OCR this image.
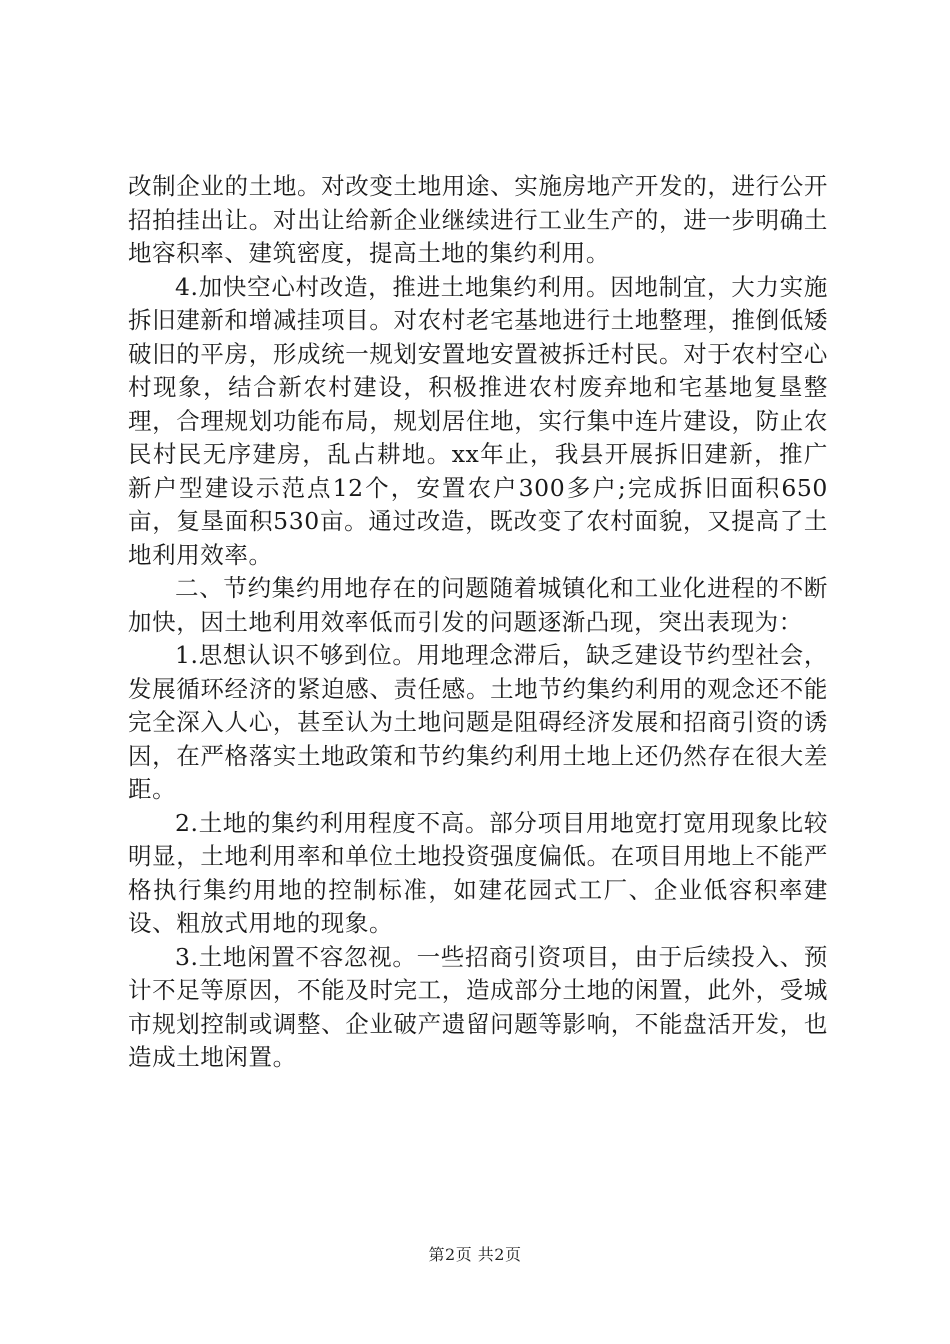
改制企业的土地。对改变土地用途、实施房地产开发的，进行公开招拍挂出让。对出让给新企业继续进行工业生产的，进一步明确土地容积率、建筑密度，提高土地的集约利用。

4.加快空心村改造，推进土地集约利用。因地制宜，大力实施拆旧建新和增减挂项目。对农村老宅基地进行土地整理，推倒低矮破旧的平房，形成统一规划安置地安置被拆迁村民。对于农村空心村现象，结合新农村建设，积极推进农村废弃地和宅基地复垦整理，合理规划功能布局，规划居住地，实行集中连片建设，防止农民村民无序建房，乱占耕地。xx年止，我县开展拆旧建新，推广新户型建设示范点12个，安置农户300多户;完成拆旧面积650亩，复垦面积530亩。通过改造，既改变了农村面貌，又提高了土地利用效率。

二、节约集约用地存在的问题随着城镇化和工业化进程的不断加快，因土地利用效率低而引发的问题逐渐凸现，突出表现为：

1.思想认识不够到位。用地理念滞后，缺乏建设节约型社会，发展循环经济的紧迫感、责任感。土地节约集约利用的观念还不能完全深入人心，甚至认为土地问题是阻碍经济发展和招商引资的诱因，在严格落实土地政策和节约集约利用土地上还仍然存在很大差距。

2.土地的集约利用程度不高。部分项目用地宽打宽用现象比较明显，土地利用率和单位土地投资强度偏低。在项目用地上不能严格执行集约用地的控制标准，如建花园式工厂、企业低容积率建设、粗放式用地的现象。

3.土地闲置不容忽视。一些招商引资项目，由于后续投入、预计不足等原因，不能及时完工，造成部分土地的闲置，此外，受城市规划控制或调整、企业破产遗留问题等影响，不能盘活开发，也造成土地闲置。

第2页 共2页
